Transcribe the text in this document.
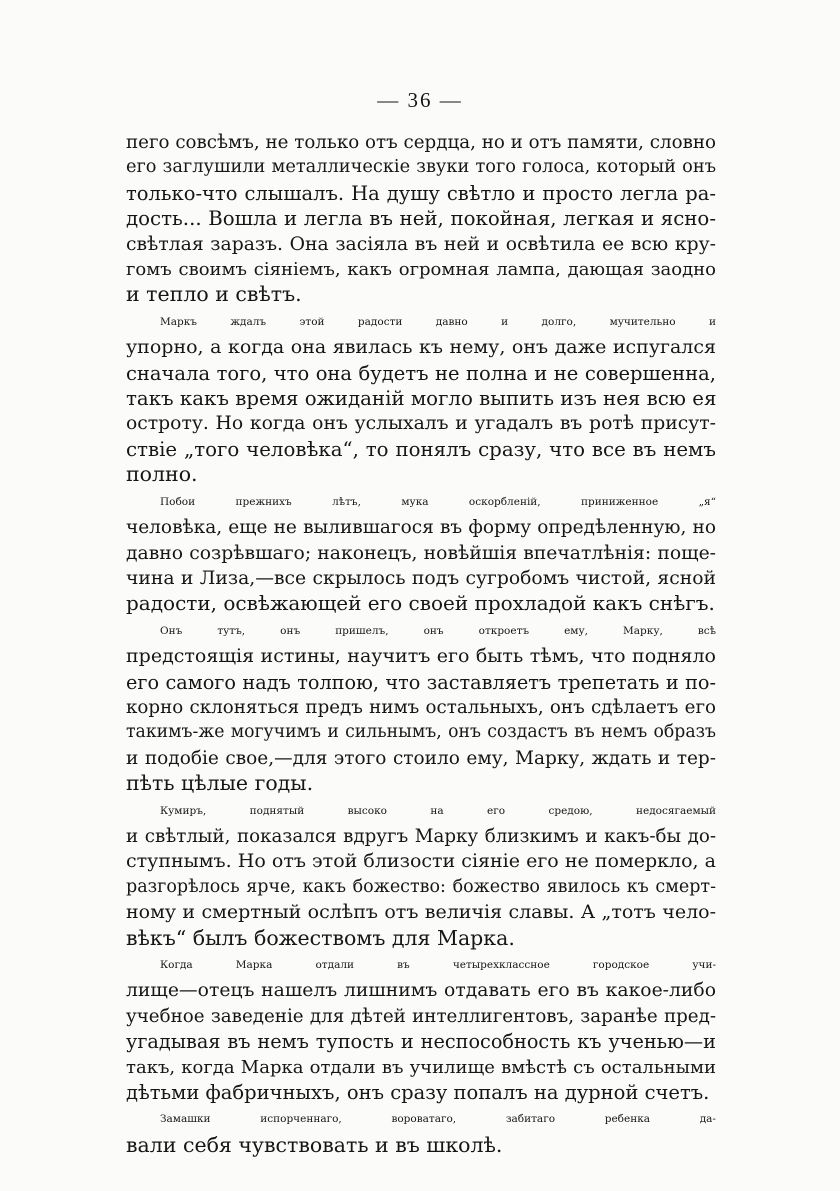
— 36 —
пего совсѣмъ, не только отъ сердца, но и отъ памяти, словно
его заглушили металлическіе звуки того голоса, который онъ
только-что слышалъ. На душу свѣтло и просто легла ра-
дость... Вошла и легла въ ней, покойная, легкая и ясно-
свѣтлая заразъ. Она засіяла въ ней и освѣтила ее всю кру-
гомъ своимъ сіяніемъ, какъ огромная лампа, дающая заодно
и тепло и свѣтъ.
Маркъ ждалъ этой радости давно и долго, мучительно и
упорно, а когда она явилась къ нему, онъ даже испугался
сначала того, что она будетъ не полна и не совершенна,
такъ какъ время ожиданій могло выпить изъ нея всю ея
остроту. Но когда онъ услыхалъ и угадалъ въ ротѣ присут-
ствіе „того человѣка“, то понялъ сразу, что все въ немъ
полно.
Побои прежнихъ лѣтъ, мука оскорбленій, приниженное „я“
человѣка, еще не вылившагося въ форму опредѣленную, но
давно созрѣвшаго; наконецъ, новѣйшія впечатлѣнія: поще-
чина и Лиза,—все скрылось подъ сугробомъ чистой, ясной
радости, освѣжающей его своей прохладой какъ снѣгъ.
Онъ тутъ, онъ пришелъ, онъ откроетъ ему, Марку, всѣ
предстоящія истины, научитъ его быть тѣмъ, что подняло
его самого надъ толпою, что заставляетъ трепетать и по-
корно склоняться предъ нимъ остальныхъ, онъ сдѣлаетъ его
такимъ-же могучимъ и сильнымъ, онъ создастъ въ немъ образъ
и подобіе свое,—для этого стоило ему, Марку, ждать и тер-
пѣть цѣлые годы.
Кумиръ, поднятый высоко на его средою, недосягаемый
и свѣтлый, показался вдругъ Марку близкимъ и какъ-бы до-
ступнымъ. Но отъ этой близости сіяніе его не померкло, а
разгорѣлось ярче, какъ божество: божество явилось къ смерт-
ному и смертный ослѣпъ отъ величія славы. А „тотъ чело-
вѣкъ“ былъ божествомъ для Марка.
Когда Марка отдали въ четырехклассное городское учи-
лище—отецъ нашелъ лишнимъ отдавать его въ какое-либо
учебное заведеніе для дѣтей интеллигентовъ, заранѣе пред-
угадывая въ немъ тупость и неспособность къ ученью—и
такъ, когда Марка отдали въ училище вмѣстѣ съ остальными
дѣтьми фабричныхъ, онъ сразу попалъ на дурной счетъ.
Замашки испорченнаго, вороватаго, забитаго ребенка да-
вали себя чувствовать и въ школѣ.
